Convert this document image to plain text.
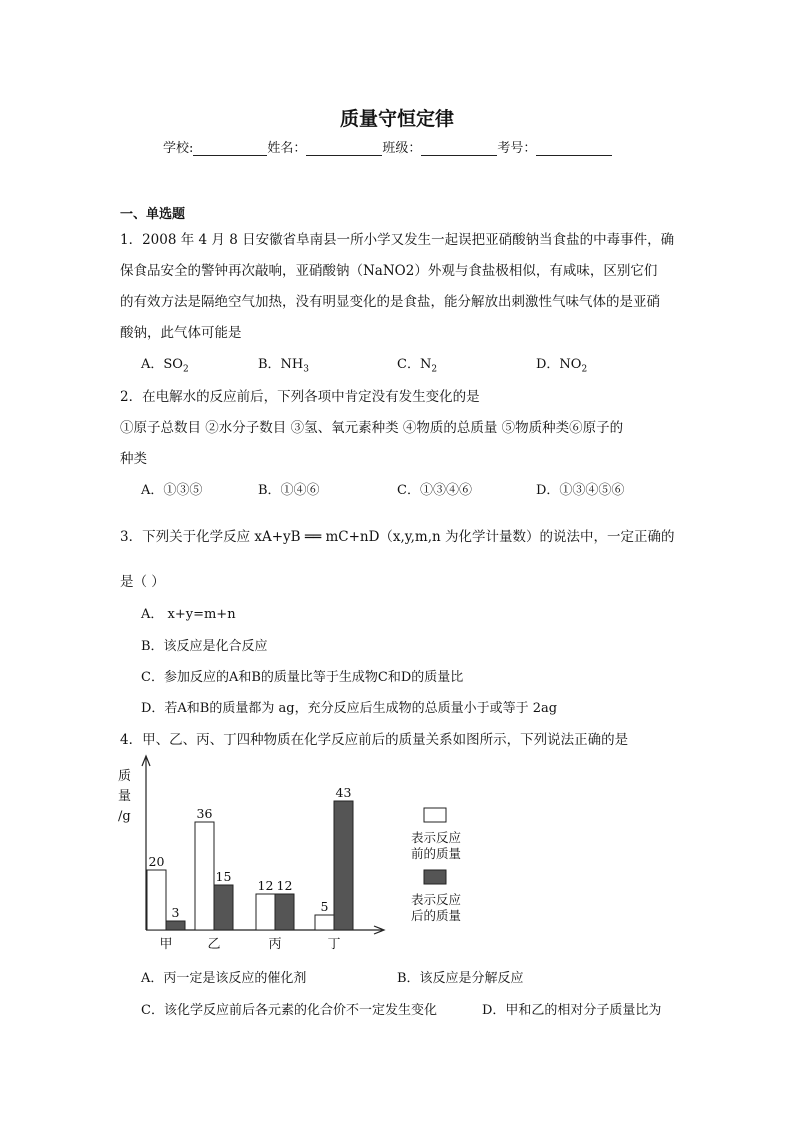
质量守恒定律
学校:	姓名：	班级：	考号：
一、单选题
1．2008 年 4 月 8 日安徽省阜南县一所小学又发生一起误把亚硝酸钠当食盐的中毒事件，确
保食品安全的警钟再次敲响，亚硝酸钠（NaNO2）外观与食盐极相似，有咸味，区别它们
的有效方法是隔绝空气加热，没有明显变化的是食盐，能分解放出刺激性气味气体的是亚硝
酸钠，此气体可能是
A．$SO_2$	B．$NH_3$	C．$N_2$	D．$NO_2$
2．在电解水的反应前后，下列各项中肯定没有发生变化的是
①原子总数目 ②水分子数目 ③氢、氧元素种类 ④物质的总质量 ⑤物质种类⑥原子的
种类
A．①③⑤	B．①④⑥	C．①③④⑥	D．①③④⑤⑥
3．下列关于化学反应 xA+yB ══ mC+nD（x,y,m,n 为化学计量数）的说法中，一定正确的
是（ ）
A． x+y=m+n
B．该反应是化合反应
C．参加反应的A和B的质量比等于生成物C和D的质量比
D．若A和B的质量都为 ag，充分反应后生成物的总质量小于或等于 2ag
4．甲、乙、丙、丁四种物质在化学反应前后的质量关系如图所示，下列说法正确的是
质
量
/g
20
3
甲
36
15
乙
12 12
丙
5
43
丁
表示反应
前的质量
表示反应
后的质量
A．丙一定是该反应的催化剂	B．该反应是分解反应
C．该化学反应前后各元素的化合价不一定发生变化	D．甲和乙的相对分子质量比为
